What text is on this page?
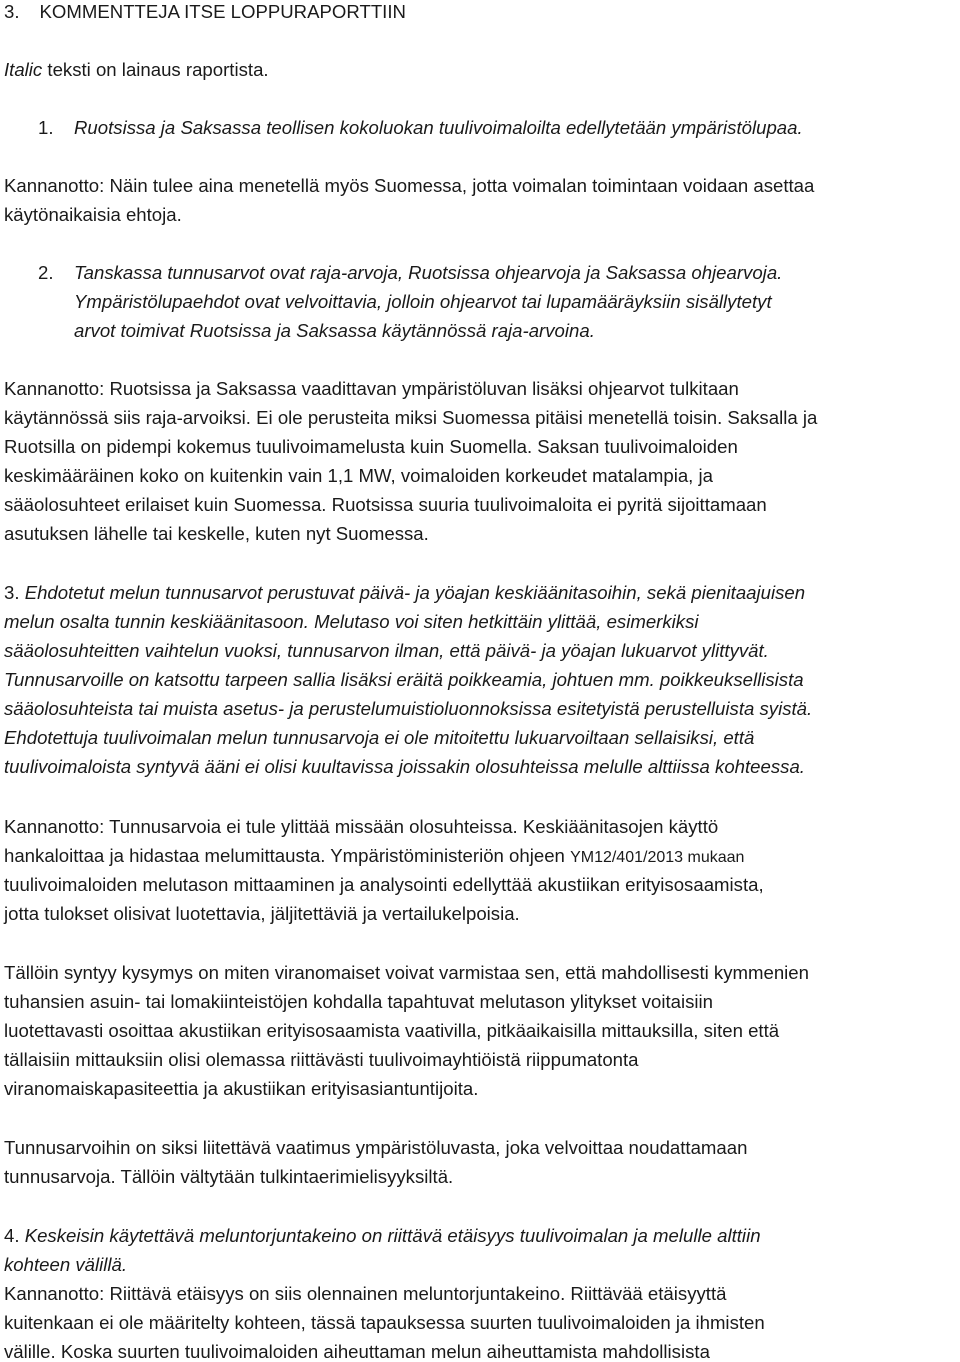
3. KOMMENTTEJA ITSE LOPPURAPORTTIIN
Italic teksti on lainaus raportista.
1. Ruotsissa ja Saksassa teollisen kokoluokan tuulivoimaloilta edellytetään ympäristölupaa.
Kannanotto: Näin tulee aina menetellä myös Suomessa, jotta voimalan toimintaan voidaan asettaa
käytönaikaisia ehtoja.
2. Tanskassa tunnusarvot ovat raja-arvoja, Ruotsissa ohjearvoja ja Saksassa ohjearvoja.
Ympäristölupaehdot ovat velvoittavia, jolloin ohjearvot tai lupamääräyksiin sisällytetyt
arvot toimivat Ruotsissa ja Saksassa käytännössä raja-arvoina.
Kannanotto: Ruotsissa ja Saksassa vaadittavan ympäristöluvan lisäksi ohjearvot tulkitaan
käytännössä siis raja-arvoiksi. Ei ole perusteita miksi Suomessa pitäisi menetellä toisin. Saksalla ja
Ruotsilla on pidempi kokemus tuulivoimamelusta kuin Suomella. Saksan tuulivoimaloiden
keskimääräinen koko on kuitenkin vain 1,1 MW, voimaloiden korkeudet matalampia, ja
sääolosuhteet erilaiset kuin Suomessa. Ruotsissa suuria tuulivoimaloita ei pyritä sijoittamaan
asutuksen lähelle tai keskelle, kuten nyt Suomessa.
3. Ehdotetut melun tunnusarvot perustuvat päivä- ja yöajan keskiäänitasoihin, sekä pienitaajuisen
melun osalta tunnin keskiäänitasoon. Melutaso voi siten hetkittäin ylittää, esimerkiksi
sääolosuhteitten vaihtelun vuoksi, tunnusarvon ilman, että päivä- ja yöajan lukuarvot ylittyvät.
Tunnusarvoille on katsottu tarpeen sallia lisäksi eräitä poikkeamia, johtuen mm. poikkeuksellisista
sääolosuhteista tai muista asetus- ja perustelumuistioluonnoksissa esitetyistä perustelluista syistä.
Ehdotettuja tuulivoimalan melun tunnusarvoja ei ole mitoitettu lukuarvoiltaan sellaisiksi, että
tuulivoimaloista syntyvä ääni ei olisi kuultavissa joissakin olosuhteissa melulle alttiissa kohteessa.
Kannanotto: Tunnusarvoia ei tule ylittää missään olosuhteissa. Keskiäänitasojen käyttö
hankaloittaa ja hidastaa melumittausta. Ympäristöministeriön ohjeen YM12/401/2013 mukaan
tuulivoimaloiden melutason mittaaminen ja analysointi edellyttää akustiikan erityisosaamista,
jotta tulokset olisivat luotettavia, jäljitettäviä ja vertailukelpoisia.
Tällöin syntyy kysymys on miten viranomaiset voivat varmistaa sen, että mahdollisesti kymmenien
tuhansien asuin- tai lomakiinteistöjen kohdalla tapahtuvat melutason ylitykset voitaisiin
luotettavasti osoittaa akustiikan erityisosaamista vaativilla, pitkäaikaisilla mittauksilla, siten että
tällaisiin mittauksiin olisi olemassa riittävästi tuulivoimayhtiöistä riippumatonta
viranomaiskapasiteettia ja akustiikan erityisasiantuntijoita.
Tunnusarvoihin on siksi liitettävä vaatimus ympäristöluvasta, joka velvoittaa noudattamaan
tunnusarvoja. Tällöin vältytään tulkintaerimielisyyksiltä.
4. Keskeisin käytettävä meluntorjuntakeino on riittävä etäisyys tuulivoimalan ja melulle alttiin
kohteen välillä.
Kannanotto: Riittävä etäisyys on siis olennainen meluntorjuntakeino. Riittävää etäisyyttä
kuitenkaan ei ole määritelty kohteen, tässä tapauksessa suurten tuulivoimaloiden ja ihmisten
välille. Koska suurten tuulivoimaloiden aiheuttaman melun aiheuttamista mahdollisista
